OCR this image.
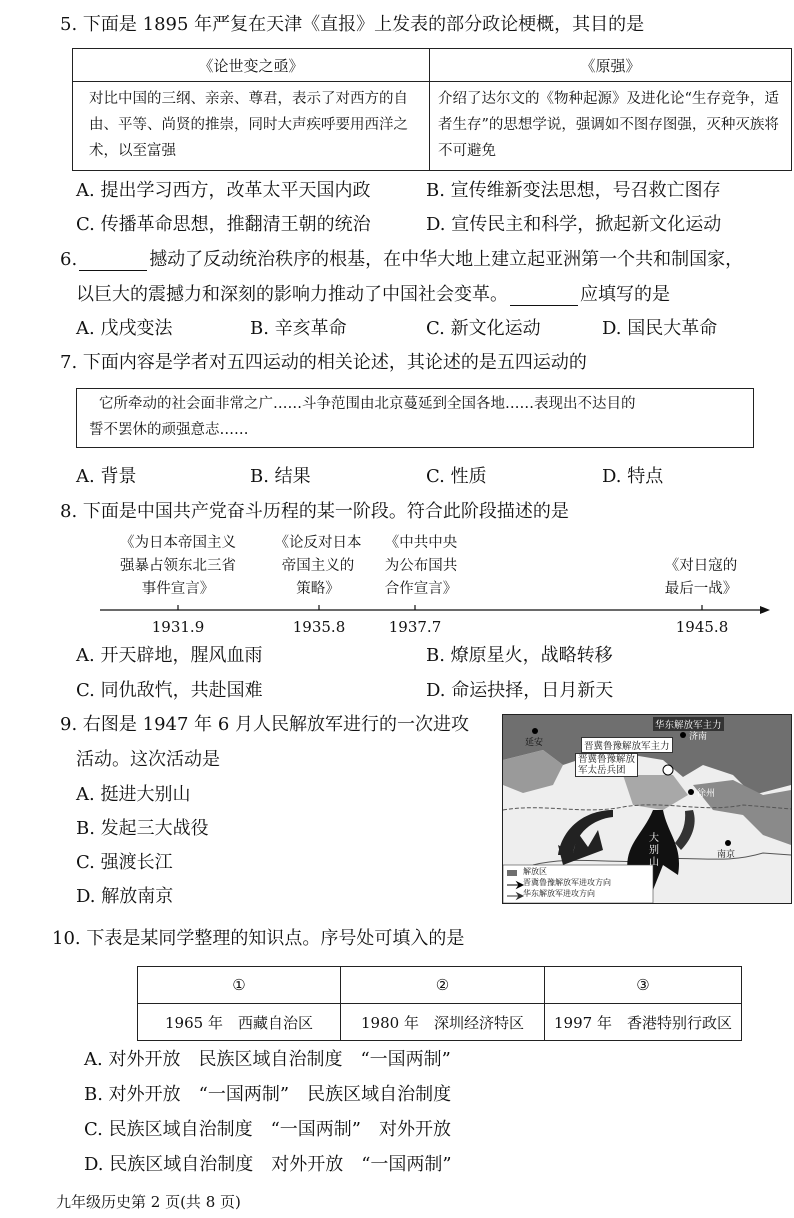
5. 下面是 1895 年严复在天津《直报》上发表的部分政论梗概，其目的是
《论世变之亟》	《原强》
对比中国的三纲、亲亲、尊君，表示了对西方的自由、平等、尚贤的推崇，同时大声疾呼要用西洋之术，以至富强	介绍了达尔文的《物种起源》及进化论“生存竞争，适者生存”的思想学说，强调如不图存图强，灭种灭族将不可避免
A. 提出学习西方，改革太平天国内政	B. 宣传维新变法思想，号召救亡图存
C. 传播革命思想，推翻清王朝的统治	D. 宣传民主和科学，掀起新文化运动
6.	撼动了反动统治秩序的根基，在中华大地上建立起亚洲第一个共和制国家，
以巨大的震撼力和深刻的影响力推动了中国社会变革。	应填写的是
A. 戊戌变法	B. 辛亥革命	C. 新文化运动	D. 国民大革命
7. 下面内容是学者对五四运动的相关论述，其论述的是五四运动的
它所牵动的社会面非常之广……斗争范围由北京蔓延到全国各地……表现出不达目的
誓不罢休的顽强意志……
A. 背景	B. 结果	C. 性质	D. 特点
8. 下面是中国共产党奋斗历程的某一阶段。符合此阶段描述的是
《为日本帝国主义
强暴占领东北三省
事件宣言》
《论反对日本
帝国主义的
策略》
《中共中央
为公布国共
合作宣言》
《对日寇的
最后一战》
1931.9	1935.8	1937.7	1945.8
A. 开天辟地，腥风血雨	B. 燎原星火，战略转移
C. 同仇敌忾，共赴国难	D. 命运抉择，日月新天
9. 右图是 1947 年 6 月人民解放军进行的一次进攻
活动。这次活动是
A. 挺进大别山
B. 发起三大战役
C. 强渡长江
D. 解放南京
华东解放军主力
晋冀鲁豫解放军主力
晋冀鲁豫解放
军太岳兵团
延安
济南
徐州
南京
大
别
山
解放区
晋冀鲁豫解放军进攻方向
华东解放军进攻方向
10. 下表是某同学整理的知识点。序号处可填入的是
①	②	③
1965 年　西藏自治区	1980 年　深圳经济特区	1997 年　香港特别行政区
A. 对外开放　民族区域自治制度　“一国两制”
B. 对外开放　“一国两制”　民族区域自治制度
C. 民族区域自治制度　“一国两制”　对外开放
D. 民族区域自治制度　对外开放　“一国两制”
九年级历史第 2 页(共 8 页)
